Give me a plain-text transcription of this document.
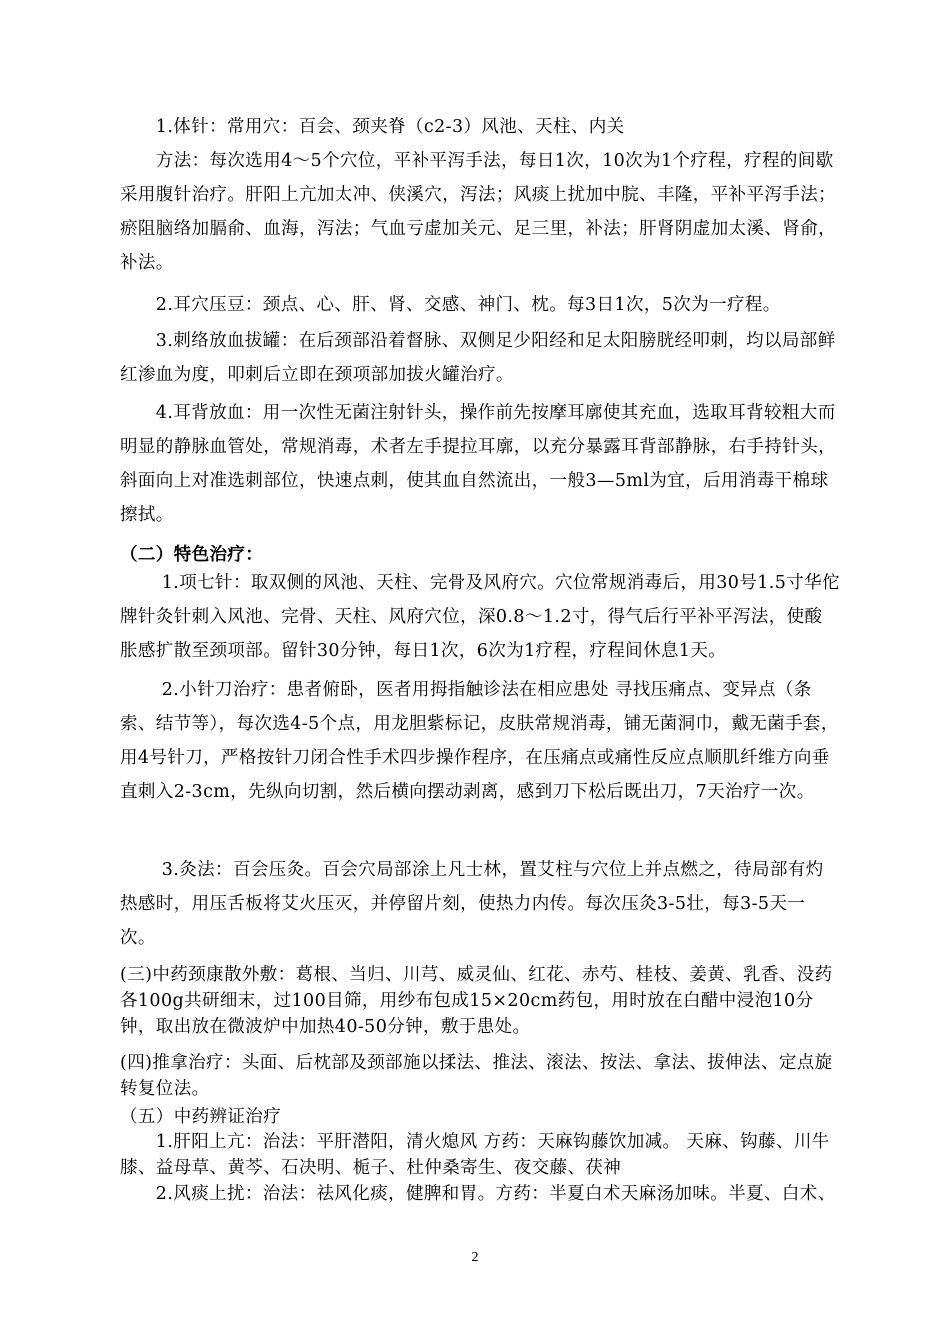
　　1.体针：常用穴：百会、颈夹脊（c2-3）风池、天柱、内关

　　方法：每次选用4～5个穴位，平补平泻手法，每日1次，10次为1个疗程，疗程的间歇采用腹针治疗。肝阳上亢加太冲、侠溪穴，泻法；风痰上扰加中脘、丰隆，平补平泻手法；瘀阻脑络加膈俞、血海，泻法；气血亏虚加关元、足三里，补法；肝肾阴虚加太溪、肾俞，补法。

　　2.耳穴压豆：颈点、心、肝、肾、交感、神门、枕。每3日1次，5次为一疗程。

　　3.刺络放血拔罐：在后颈部沿着督脉、双侧足少阳经和足太阳膀胱经叩刺，均以局部鲜红渗血为度，叩刺后立即在颈项部加拔火罐治疗。

　　4.耳背放血：用一次性无菌注射针头，操作前先按摩耳廓使其充血，选取耳背较粗大而明显的静脉血管处，常规消毒，术者左手提拉耳廓，以充分暴露耳背部静脉，右手持针头，斜面向上对准选刺部位，快速点刺，使其血自然流出，一般3—5ml为宜，后用消毒干棉球擦拭。

（二）特色治疗：

　　 1.项七针：取双侧的风池、天柱、完骨及风府穴。穴位常规消毒后，用30号1.5寸华佗牌针灸针刺入风池、完骨、天柱、风府穴位，深0.8～1.2寸，得气后行平补平泻法，使酸胀感扩散至颈项部。留针30分钟，每日1次，6次为1疗程，疗程间休息1天。

　　 2.小针刀治疗：患者俯卧，医者用拇指触诊法在相应患处 寻找压痛点、变异点（条索、结节等），每次选4-5个点，用龙胆紫标记，皮肤常规消毒，铺无菌洞巾，戴无菌手套，用4号针刀，严格按针刀闭合性手术四步操作程序，在压痛点或痛性反应点顺肌纤维方向垂直刺入2-3cm，先纵向切割，然后横向摆动剥离，感到刀下松后既出刀，7天治疗一次。

　　 3.灸法：百会压灸。百会穴局部涂上凡士林，置艾柱与穴位上并点燃之，待局部有灼热感时，用压舌板将艾火压灭，并停留片刻，使热力内传。每次压灸3-5壮，每3-5天一次。

(三)中药颈康散外敷：葛根、当归、川芎、威灵仙、红花、赤芍、桂枝、姜黄、乳香、没药各100g共研细末，过100目筛，用纱布包成15×20cm药包，用时放在白醋中浸泡10分钟，取出放在微波炉中加热40-50分钟，敷于患处。

(四)推拿治疗：头面、后枕部及颈部施以揉法、推法、滚法、按法、拿法、拔伸法、定点旋转复位法。

（五）中药辨证治疗

　　1.肝阳上亢：治法：平肝潜阳，清火熄风 方药：天麻钩藤饮加减。 天麻、钩藤、川牛膝、益母草、黄芩、石决明、栀子、杜仲桑寄生、夜交藤、茯神

　　2.风痰上扰：治法：祛风化痰，健脾和胃。方药：半夏白术天麻汤加味。半夏、白术、

2
